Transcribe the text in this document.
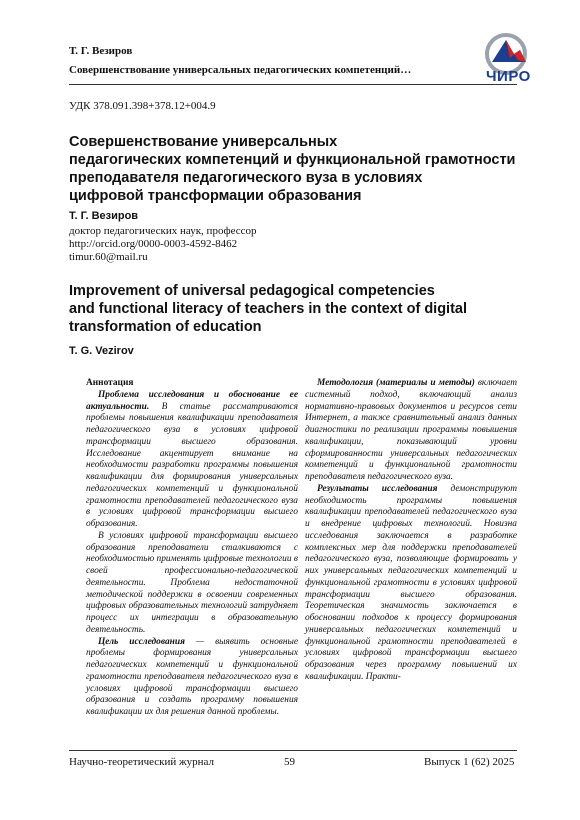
Т. Г. Везиров
Совершенствование универсальных педагогических компетенций…	ЧИРО
УДК 378.091.398+378.12+004.9
Совершенствование универсальных
педагогических компетенций и функциональной грамотности
преподавателя педагогического вуза в условиях
цифровой трансформации образования
Т. Г. Везиров
доктор педагогических наук, профессор
http://orcid.org/0000-0003-4592-8462
timur.60@mail.ru
Improvement of universal pedagogical competencies
and functional literacy of teachers in the context of digital
transformation of education
T. G. Vezirov

Аннотация

Проблема исследования и обоснование ее актуальности. В статье рассматриваются проблемы повышения квалификации преподавателя педагогического вуза в условиях цифровой трансформации высшего образования. Исследование акцентирует внимание на необходимости разработки программы повышения квалификации для формирования универсальных педагогических компетенций и функциональной грамотности преподавателей педагогического вуза в условиях цифровой трансформации высшего образования.

В условиях цифровой трансформации высшего образования преподаватели сталкиваются с необходимостью применять цифровые технологии в своей профессионально-педагогической деятельности. Проблема недостаточной методической поддержки в освоении современных цифровых образовательных технологий затрудняет процесс их интеграции в образовательную деятельность.

Цель исследования — выявить основные проблемы формирования универсальных педагогических компетенций и функциональной грамотности преподавателя педагогического вуза в условиях цифровой трансформации высшего образования и создать программу повышения квалификации их для решения данной проблемы.

Методология (материалы и методы) включает системный подход, включающий анализ нормативно-правовых документов и ресурсов сети Интернет, а также сравнительный анализ данных диагностики по реализации программы повышения квалификации, показывающий уровни сформированности универсальных педагогических компетенций и функциональной грамотности преподавателя педагогического вуза.

Результаты исследования демонстрируют необходимость программы повышения квалификации преподавателей педагогического вуза и внедрение цифровых технологий. Новизна исследования заключается в разработке комплексных мер для поддержки преподавателей педагогического вуза, позволяющие формировать у них универсальных педагогических компетенций и функциональной грамотности в условиях цифровой трансформации высшего образования. Теоретическая значимость заключается в обосновании подходов к процессу формирования универсальных педагогических компетенций и функциональной грамотности преподавателей в условиях цифровой трансформации высшего образования через программу повышений их квалификации. Практи-

Научно-теоретический журнал	59	Выпуск 1 (62) 2025
